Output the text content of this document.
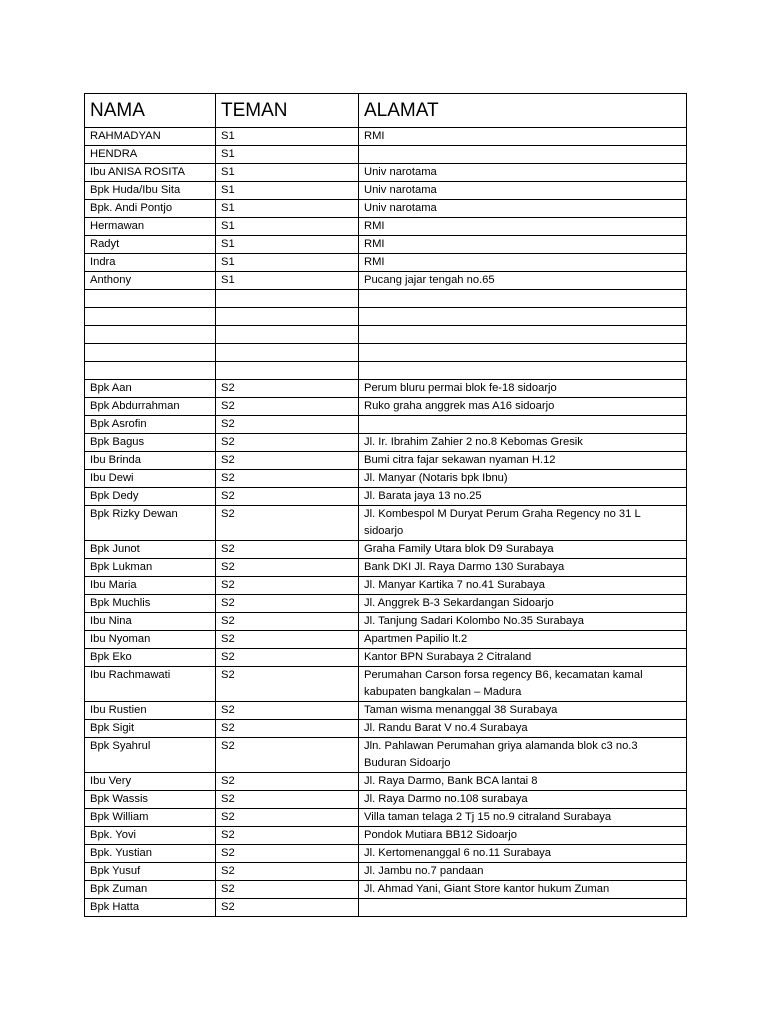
NAMA	TEMAN	ALAMAT
RAHMADYAN	S1	RMI
HENDRA	S1	
Ibu ANISA ROSITA	S1	Univ narotama
Bpk Huda/Ibu Sita	S1	Univ narotama
Bpk. Andi Pontjo	S1	Univ narotama
Hermawan	S1	RMI
Radyt	S1	RMI
Indra	S1	RMI
Anthony	S1	Pucang jajar tengah no.65

Bpk Aan	S2	Perum bluru permai blok fe-18 sidoarjo
Bpk Abdurrahman	S2	Ruko graha anggrek mas A16 sidoarjo
Bpk Asrofin	S2	
Bpk Bagus	S2	Jl. Ir. Ibrahim Zahier 2 no.8 Kebomas Gresik
Ibu Brinda	S2	Bumi citra fajar sekawan nyaman H.12
Ibu Dewi	S2	Jl. Manyar (Notaris bpk Ibnu)
Bpk Dedy	S2	Jl. Barata jaya 13 no.25
Bpk Rizky Dewan	S2	Jl. Kombespol M Duryat Perum Graha Regency no 31 L sidoarjo
Bpk Junot	S2	Graha Family Utara blok D9 Surabaya
Bpk Lukman	S2	Bank DKI Jl. Raya Darmo 130 Surabaya
Ibu Maria	S2	Jl. Manyar Kartika 7 no.41 Surabaya
Bpk Muchlis	S2	Jl. Anggrek B-3 Sekardangan Sidoarjo
Ibu Nina	S2	Jl. Tanjung Sadari Kolombo No.35 Surabaya
Ibu Nyoman	S2	Apartmen Papilio lt.2
Bpk Eko	S2	Kantor BPN Surabaya 2 Citraland
Ibu Rachmawati	S2	Perumahan Carson forsa regency B6, kecamatan kamal kabupaten bangkalan – Madura
Ibu Rustien	S2	Taman wisma menanggal 38 Surabaya
Bpk Sigit	S2	Jl. Randu Barat V no.4 Surabaya
Bpk Syahrul	S2	Jln. Pahlawan Perumahan griya alamanda blok c3 no.3 Buduran Sidoarjo
Ibu Very	S2	Jl. Raya Darmo, Bank BCA lantai 8
Bpk Wassis	S2	Jl. Raya Darmo no.108 surabaya
Bpk William	S2	Villa taman telaga 2 Tj 15 no.9 citraland Surabaya
Bpk. Yovi	S2	Pondok Mutiara BB12 Sidoarjo
Bpk. Yustian	S2	Jl. Kertomenanggal 6 no.11 Surabaya
Bpk Yusuf	S2	Jl. Jambu no.7 pandaan
Bpk Zuman	S2	Jl. Ahmad Yani, Giant Store kantor hukum Zuman
Bpk Hatta	S2	
